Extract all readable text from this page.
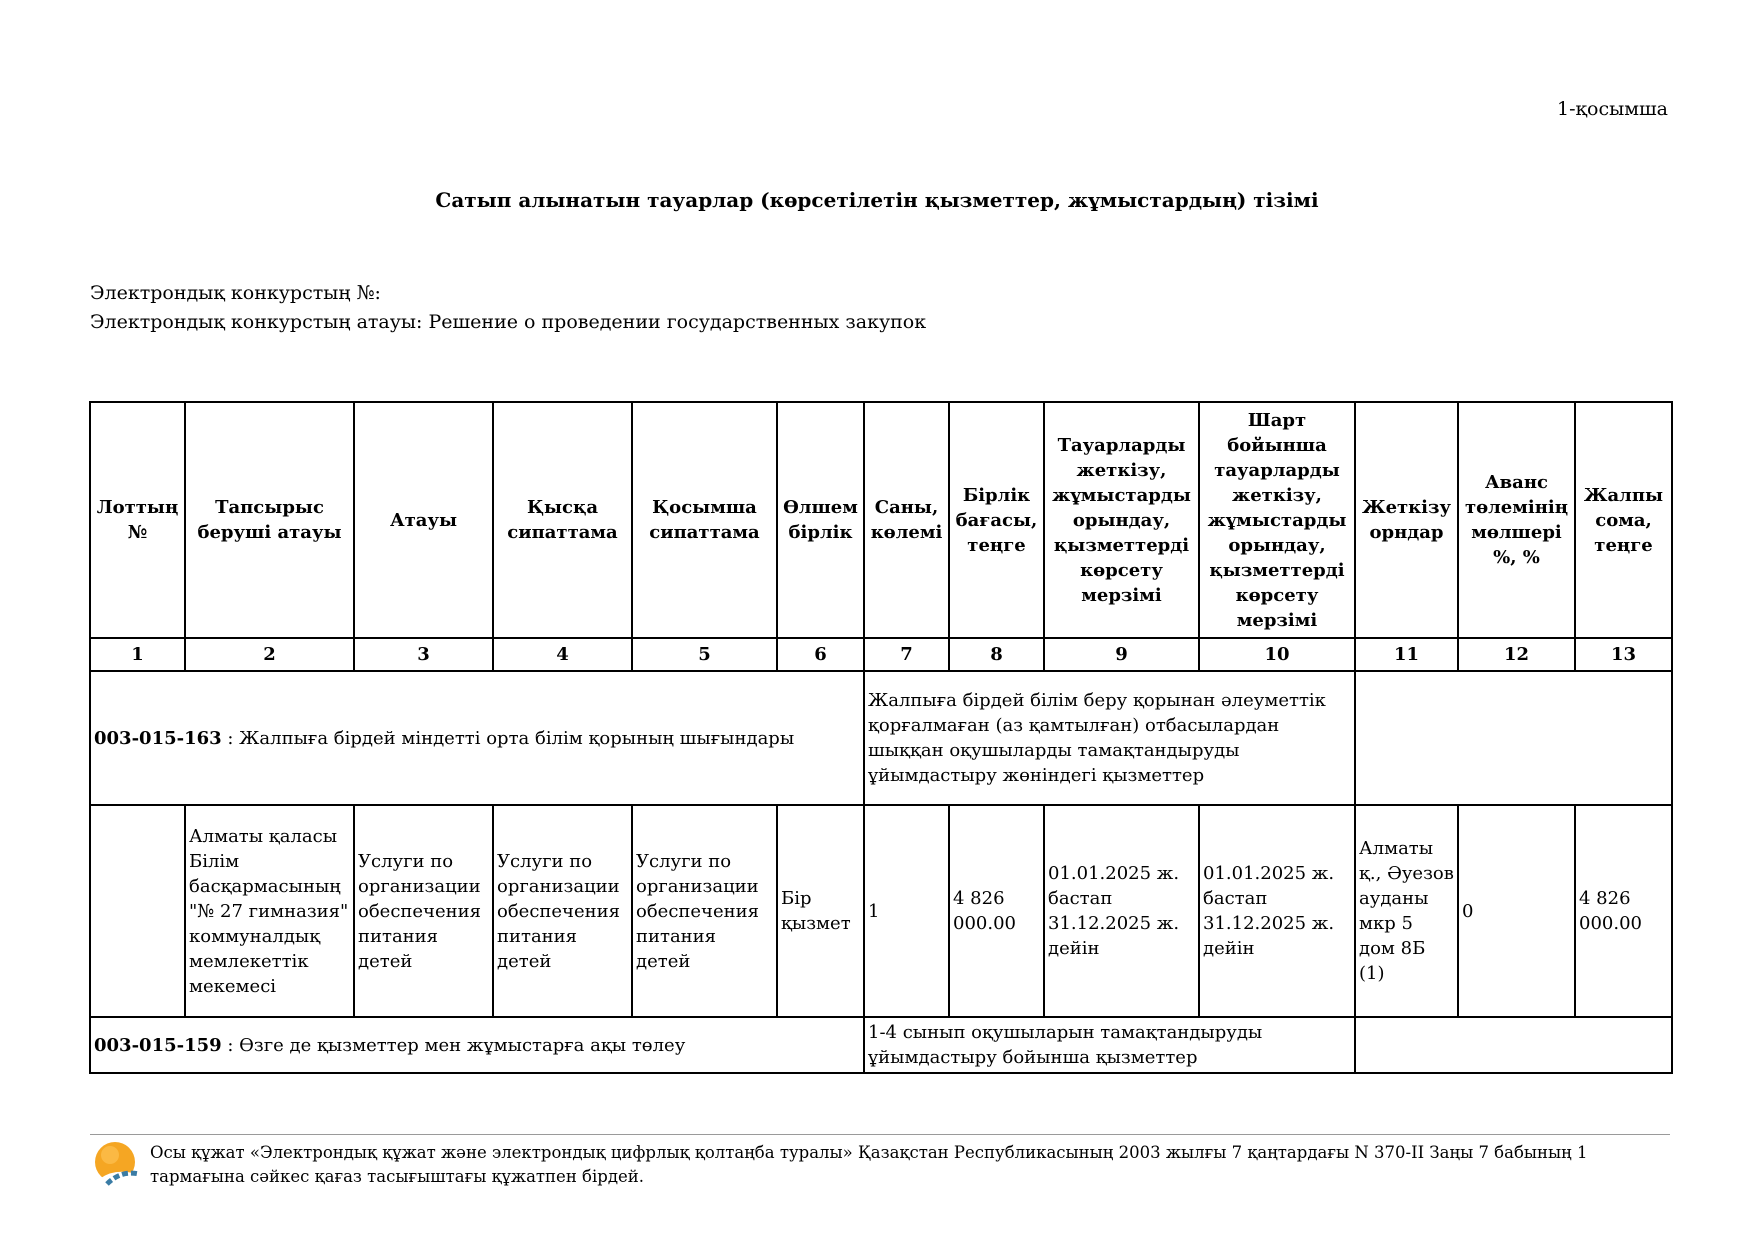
1-қосымша
Сатып алынатын тауарлар (көрсетілетін қызметтер, жұмыстардың) тізімі
Электрондық конкурстың №:
Электрондық конкурстың атауы: Решение о проведении государственных закупок
Лоттың №	Тапсырыс беруші атауы	Атауы	Қысқа сипаттама	Қосымша сипаттама	Өлшем бірлік	Саны, көлемі	Бірлік бағасы, теңге	Тауарларды жеткізу, жұмыстарды орындау, қызметтерді көрсету мерзімі	Шарт бойынша тауарларды жеткізу, жұмыстарды орындау, қызметтерді көрсету мерзімі	Жеткізу орндар	Аванс төлемінің мөлшері %, %	Жалпы сома, теңге
1	2	3	4	5	6	7	8	9	10	11	12	13
003-015-163 : Жалпыға бірдей міндетті орта білім қорының шығындары						Жалпыға бірдей білім беру қорынан әлеуметтік қорғалмаған (аз қамтылған) отбасылардан шыққан оқушыларды тамақтандыруды ұйымдастыру жөніндегі қызметтер						
	Алматы қаласы Білім басқармасының "№ 27 гимназия" коммуналдық мемлекеттік мекемесі	Услуги по организации обеспечения питания детей	Услуги по организации обеспечения питания детей	Услуги по организации обеспечения питания детей	Бір қызмет	1	4 826 000.00	01.01.2025 ж. бастап 31.12.2025 ж. дейін	01.01.2025 ж. бастап 31.12.2025 ж. дейін	Алматы қ., Әуезов ауданы мкр 5 дом 8Б (1)	0	4 826 000.00
003-015-159 : Өзге де қызметтер мен жұмыстарға ақы төлеу						1-4 сынып оқушыларын тамақтандыруды ұйымдастыру бойынша қызметтер						
Осы құжат «Электрондық құжат және электрондық цифрлық қолтаңба туралы» Қазақстан Республикасының 2003 жылғы 7 қаңтардағы N 370-II Заңы 7 бабының 1 тармағына сәйкес қағаз тасығыштағы құжатпен бірдей.
